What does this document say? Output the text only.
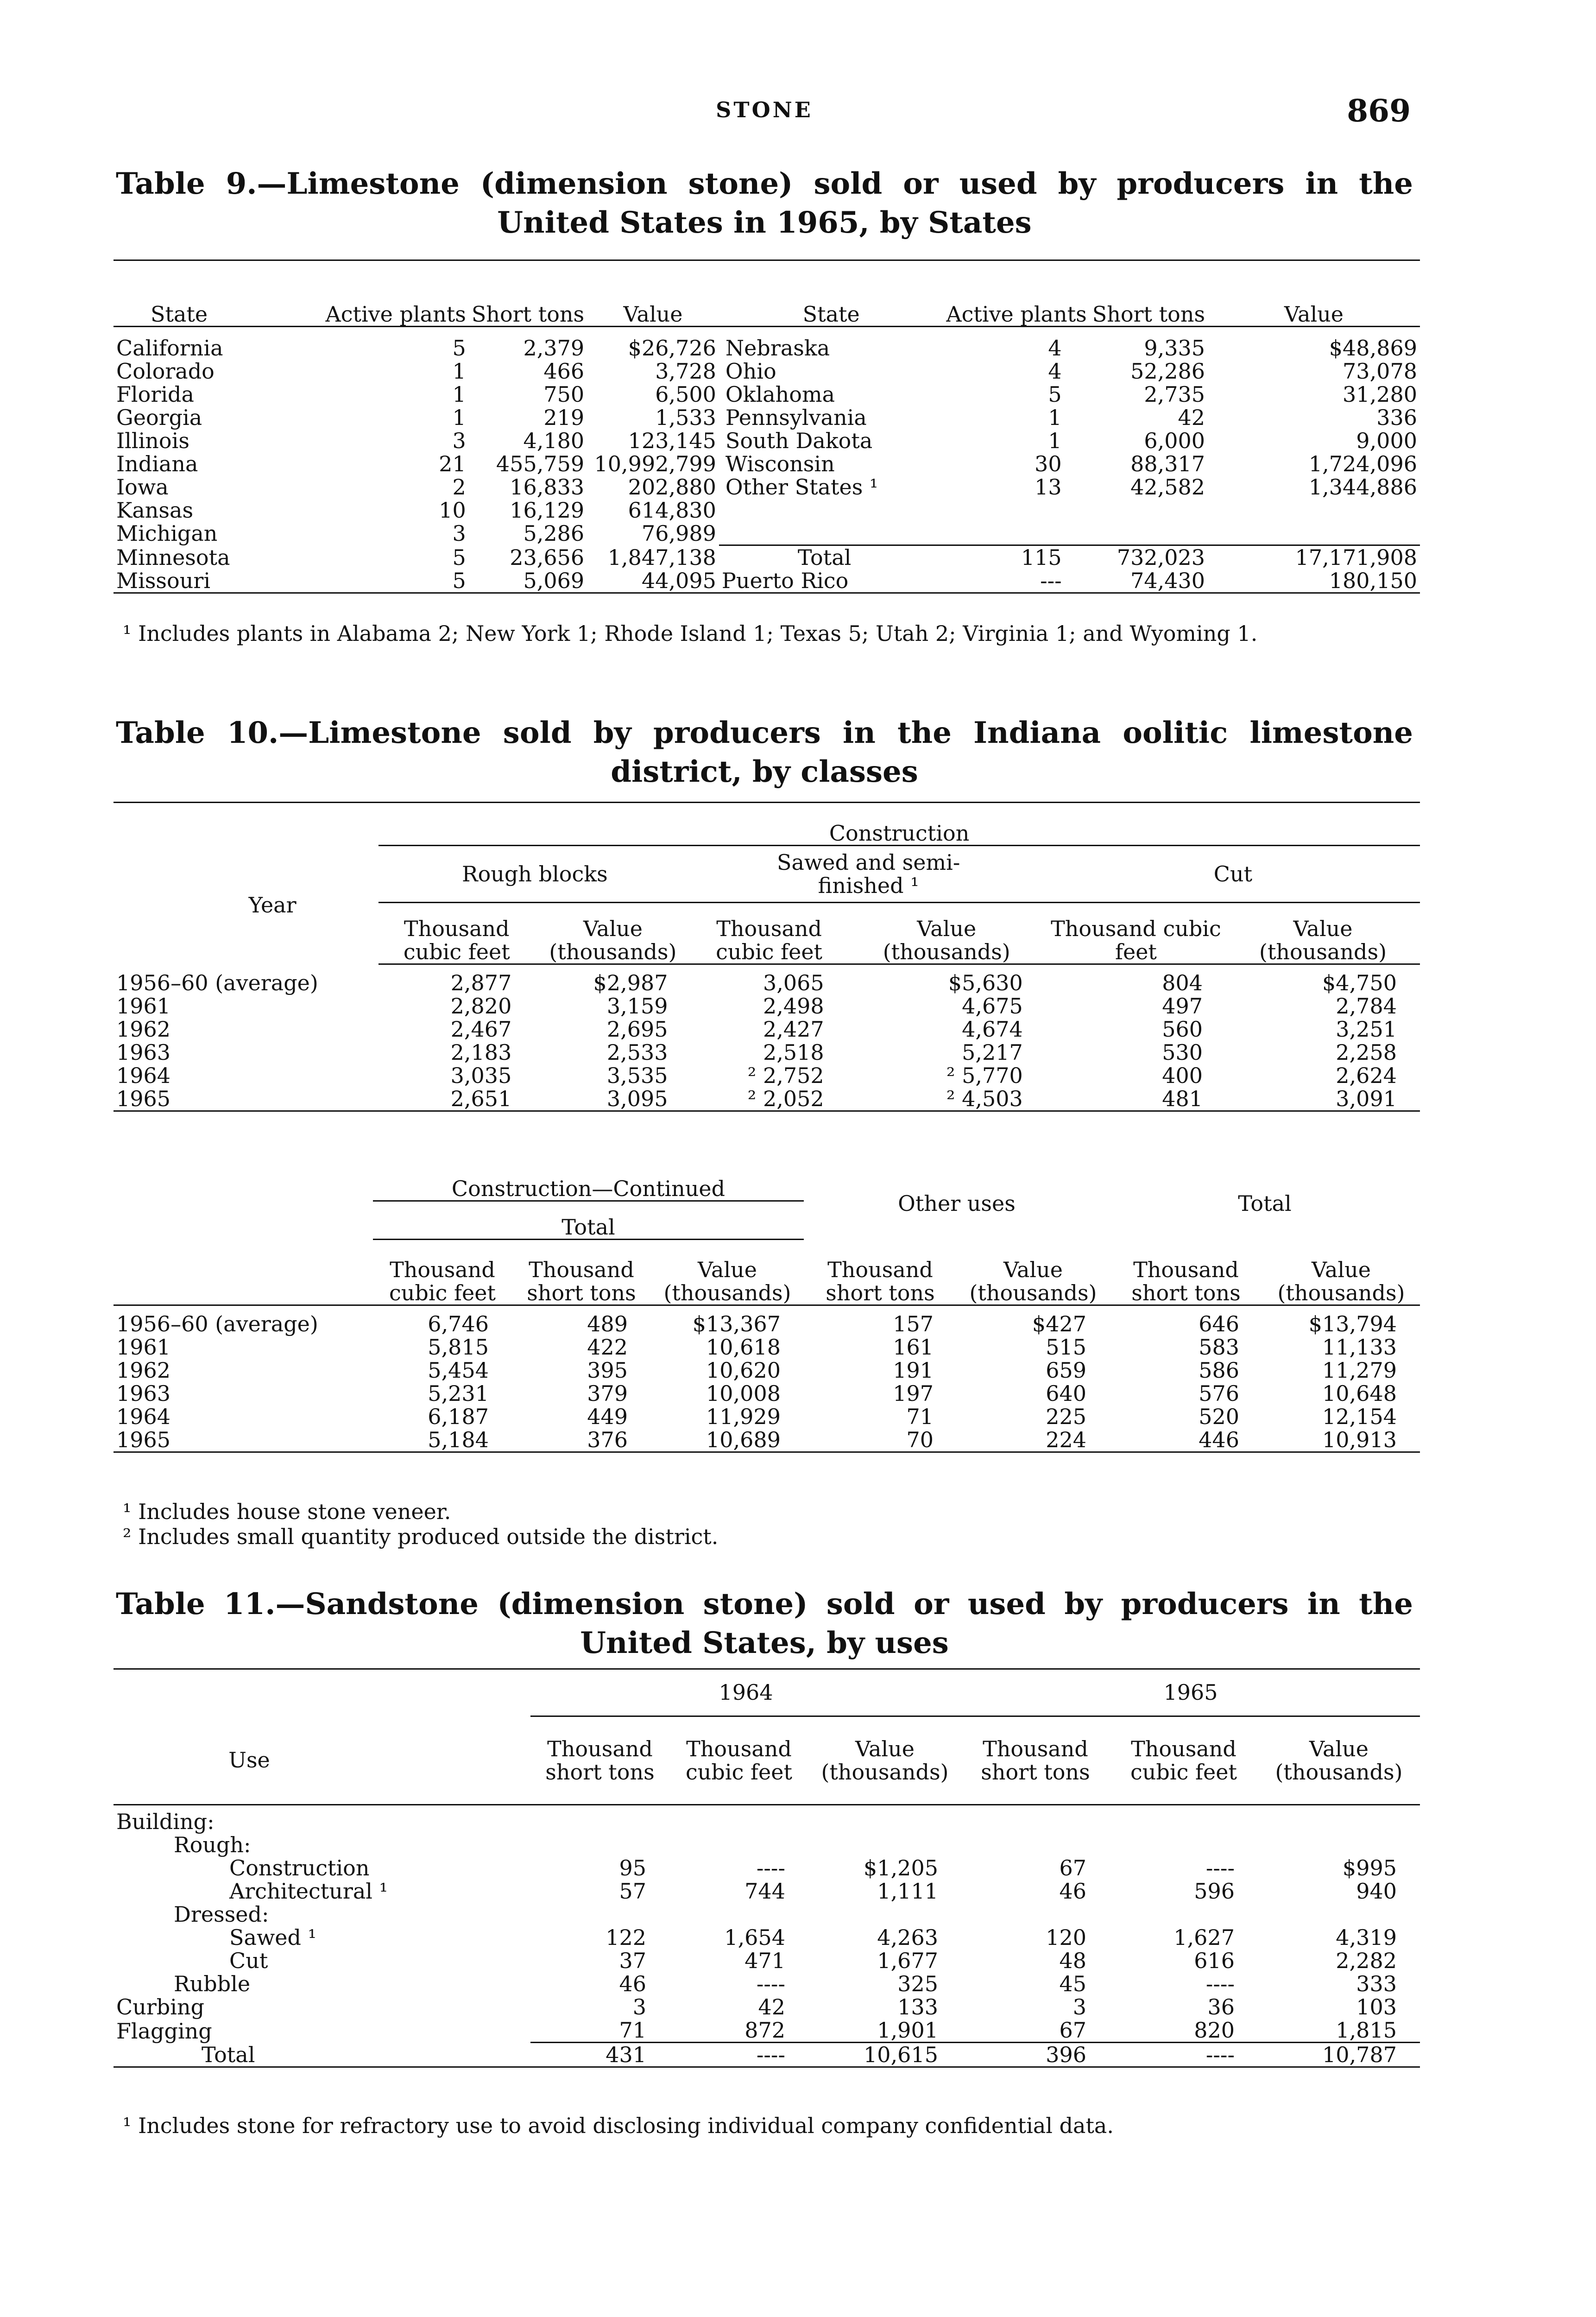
STONE	869
Table 9.—Limestone (dimension stone) sold or used by producers in the United States in 1965, by States
State	Active plants	Short tons	Value	State	Active plants	Short tons	Value

California	5	2,379	$26,726	Nebraska	4	9,335	$48,869
Colorado	1	466	3,728	Ohio	4	52,286	73,078
Florida	1	750	6,500	Oklahoma	5	2,735	31,280
Georgia	1	219	1,533	Pennsylvania	1	42	336
Illinois	3	4,180	123,145	South Dakota	1	6,000	9,000
Indiana	21	455,759	10,992,799	Wisconsin	30	88,317	1,724,096
Iowa	2	16,833	202,880	Other States ¹	13	42,582	1,344,886
Kansas	10	16,129	614,830				
Michigan	3	5,286	76,989				
Minnesota	5	23,656	1,847,138	Total	115	732,023	17,171,908
Missouri	5	5,069	44,095	Puerto Rico	---	74,430	180,150
¹ Includes plants in Alabama 2; New York 1; Rhode Island 1; Texas 5; Utah 2; Virginia 1; and Wyoming 1.
Table 10.—Limestone sold by producers in the Indiana oolitic limestone district, by classes
	Construction					
Year	Rough blocks		Sawed and semi-finished ¹		Cut	
	Thousand cubic feet	Value (thousands)	Thousand cubic feet	Value (thousands)	Thousand cubic feet	Value (thousands)

1956–60 (average)	2,877	$2,987	3,065	$5,630	804	$4,750
1961	2,820	3,159	2,498	4,675	497	2,784
1962	2,467	2,695	2,427	4,674	560	3,251
1963	2,183	2,533	2,518	5,217	530	2,258
1964	3,035	3,535	² 2,752	² 5,770	400	2,624
1965	2,651	3,095	² 2,052	² 4,503	481	3,091
	Construction—Continued			Other uses		Total	
	Total						
	Thousand cubic feet	Thousand short tons	Value (thousands)	Thousand short tons	Value (thousands)	Thousand short tons	Value (thousands)

1956–60 (average)	6,746	489	$13,367	157	$427	646	$13,794
1961	5,815	422	10,618	161	515	583	11,133
1962	5,454	395	10,620	191	659	586	11,279
1963	5,231	379	10,008	197	640	576	10,648
1964	6,187	449	11,929	71	225	520	12,154
1965	5,184	376	10,689	70	224	446	10,913
¹ Includes house stone veneer.
² Includes small quantity produced outside the district.
Table 11.—Sandstone (dimension stone) sold or used by producers in the United States, by uses
	1964			1965		
Use	Thousand short tons	Thousand cubic feet	Value (thousands)	Thousand short tons	Thousand cubic feet	Value (thousands)

Building:						
Rough:						
Construction	95	----	$1,205	67	----	$995
Architectural ¹	57	744	1,111	46	596	940
Dressed:						
Sawed ¹	122	1,654	4,263	120	1,627	4,319
Cut	37	471	1,677	48	616	2,282
Rubble	46	----	325	45	----	333
Curbing	3	42	133	3	36	103
Flagging	71	872	1,901	67	820	1,815
Total	431	----	10,615	396	----	10,787
¹ Includes stone for refractory use to avoid disclosing individual company confidential data.
